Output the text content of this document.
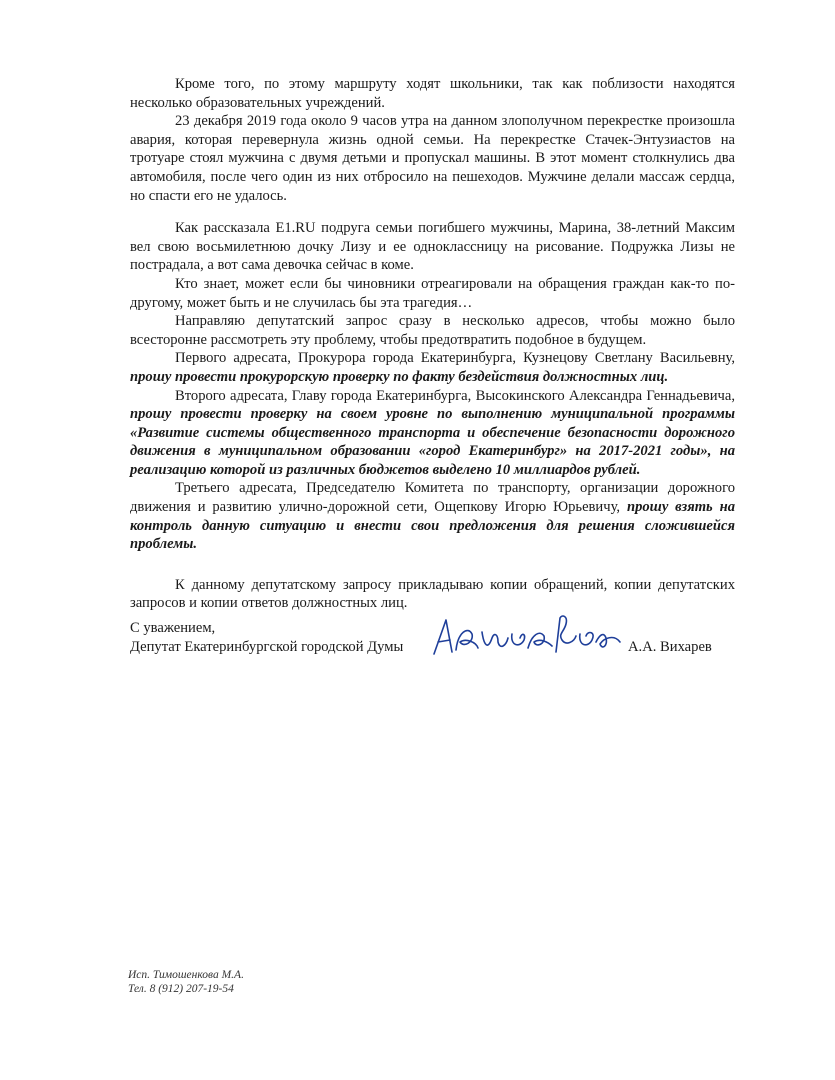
Кроме того, по этому маршруту ходят школьники, так как поблизости находятся несколько образовательных учреждений.

23 декабря 2019 года около 9 часов утра на данном злополучном перекрестке произошла авария, которая перевернула жизнь одной семьи. На перекрестке Стачек-Энтузиастов на тротуаре стоял мужчина с двумя детьми и пропускал машины. В этот момент столкнулись два автомобиля, после чего один из них отбросило на пешеходов. Мужчине делали массаж сердца, но спасти его не удалось.

Как рассказала E1.RU подруга семьи погибшего мужчины, Марина, 38-летний Максим вел свою восьмилетнюю дочку Лизу и ее одноклассницу на рисование. Подружка Лизы не пострадала, а вот сама девочка сейчас в коме.

Кто знает, может если бы чиновники отреагировали на обращения граждан как-то по-другому, может быть и не случилась бы эта трагедия…

Направляю депутатский запрос сразу в несколько адресов, чтобы можно было всесторонне рассмотреть эту проблему, чтобы предотвратить подобное в будущем.

Первого адресата, Прокурора города Екатеринбурга, Кузнецову Светлану Васильевну, прошу провести прокурорскую проверку по факту бездействия должностных лиц.

Второго адресата, Главу города Екатеринбурга, Высокинского Александра Геннадьевича, прошу провести проверку на своем уровне по выполнению муниципальной программы «Развитие системы общественного транспорта и обеспечение безопасности дорожного движения в муниципальном образовании «город Екатеринбург» на 2017-2021 годы», на реализацию которой из различных бюджетов выделено 10 миллиардов рублей.

Третьего адресата, Председателю Комитета по транспорту, организации дорожного движения и развитию улично-дорожной сети, Ощепкову Игорю Юрьевичу, прошу взять на контроль данную ситуацию и внести свои предложения для решения сложившейся проблемы.

К данному депутатскому запросу прикладываю копии обращений, копии депутатских запросов и копии ответов должностных лиц.

С уважением,
Депутат Екатеринбургской городской Думы	А.А. Вихарев
Исп. Тимошенкова М.А.
Тел. 8 (912) 207-19-54
